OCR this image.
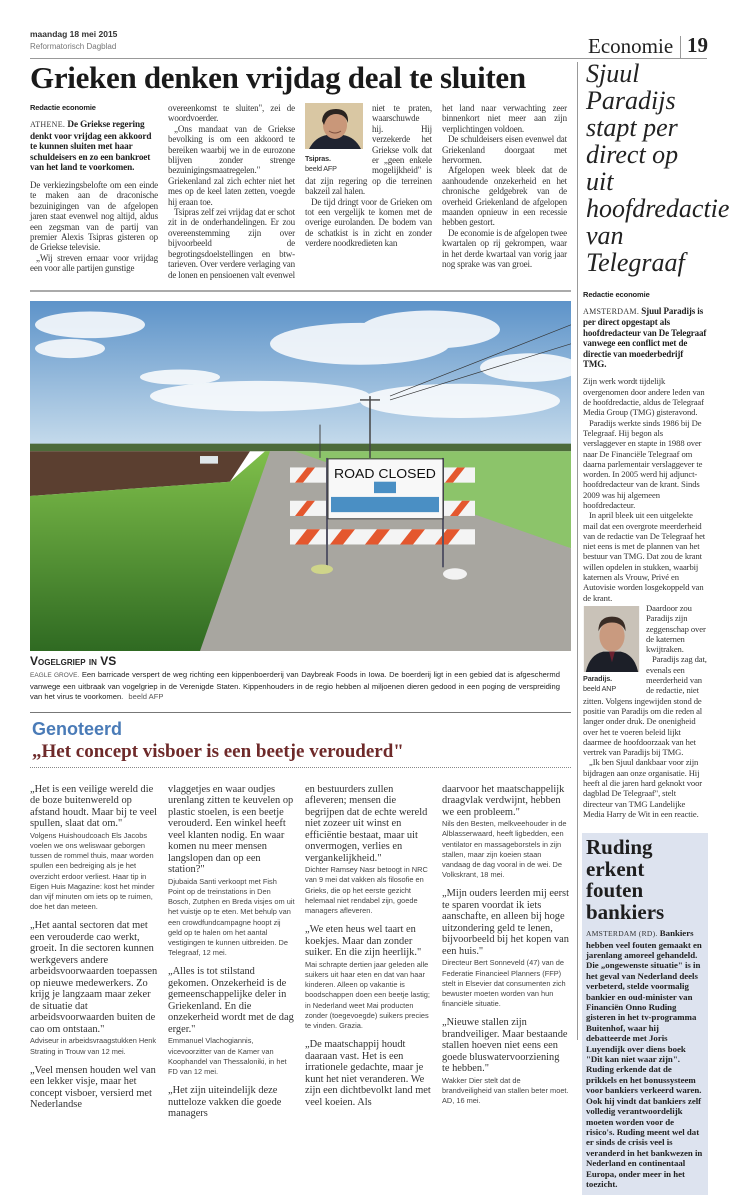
maandag 18 mei 2015
Reformatorisch Dagblad	Economie 19
Grieken denken vrijdag deal te sluiten
Redactie economie
ATHENE. De Griekse regering denkt voor vrijdag een akkoord te kunnen sluiten met haar schuldeisers en zo een bankroet van het land te voorkomen.

De verkiezingsbelofte om een einde te maken aan de draconische bezuinigingen van de afgelopen jaren staat evenwel nog altijd, aldus een zegsman van de partij van premier Alexis Tsipras gisteren op de Griekse televisie.

„Wij streven ernaar voor vrijdag een voor alle partijen gunstige

overeenkomst te sluiten", zei de woordvoerder.

„Ons mandaat van de Griekse bevolking is om een akkoord te bereiken waarbij we in de eurozone blijven zonder strenge bezuinigingsmaatregelen." Griekenland zal zich echter niet het mes op de keel laten zetten, voegde hij eraan toe.

Tsipras zelf zei vrijdag dat er schot zit in de onderhandelingen. Er zou overeenstemming zijn over bijvoorbeeld de begrotingsdoelstellingen en btw-tarieven. Over verdere verlaging van de lonen en pensioenen valt evenwel

Tsipras.
beeld AFP

niet te praten, waarschuwde hij. Hij verzekerde het Griekse volk dat er „geen enkele mogelijkheid" is dat zijn regering op die terreinen bakzeil zal halen.

De tijd dringt voor de Grieken om tot een vergelijk te komen met de overige eurolanden. De bodem van de schatkist is in zicht en zonder verdere noodkredieten kan

het land naar verwachting zeer binnenkort niet meer aan zijn verplichtingen voldoen.

De schuldeisers eisen evenwel dat Griekenland doorgaat met hervormen.

Afgelopen week bleek dat de aanhoudende onzekerheid en het chronische geldgebrek van de overheid Griekenland de afgelopen maanden opnieuw in een recessie hebben gestort.

De economie is de afgelopen twee kwartalen op rij gekrompen, waar in het derde kwartaal van vorig jaar nog sprake was van groei.

ROAD CLOSED
Vogelgriep in VS
EAGLE GROVE. Een barricade verspert de weg richting een kippenboerderij van Daybreak Foods in Iowa. De boerderij ligt in een gebied dat is afgeschermd vanwege een uitbraak van vogelgriep in de Verenigde Staten. Kippenhouders in de regio hebben al miljoenen dieren gedood in een poging de verspreiding van het virus te voorkomen. beeld AFP
Genoteerd
„Het concept visboer is een beetje verouderd"
„Het is een veilige wereld die de boze buitenwereld op afstand houdt. Maar bij te veel spullen, slaat dat om."
Volgens Huishoudcoach Els Jacobs voelen we ons weliswaar geborgen tussen de rommel thuis, maar worden spullen een bedreiging als je het overzicht erdoor verliest. Haar tip in Eigen Huis Magazine: kost het minder dan vijf minuten om iets op te ruimen, doe het dan meteen.
„Het aantal sectoren dat met een verouderde cao werkt, groeit. In die sectoren kunnen werkgevers andere arbeidsvoorwaarden toepassen op nieuwe medewerkers. Zo krijg je langzaam maar zeker de situatie dat arbeidsvoorwaarden buiten de cao om ontstaan."
Adviseur in arbeidsvraagstukken Henk Strating in Trouw van 12 mei.
„Veel mensen houden wel van een lekker visje, maar het concept visboer, versierd met Nederlandse
vlaggetjes en waar oudjes urenlang zitten te keuvelen op plastic stoelen, is een beetje verouderd. Een winkel heeft veel klanten nodig. En waar komen nu meer mensen langslopen dan op een station?"
Djubaida Santi verkoopt met Fish Point op de treinstations in Den Bosch, Zutphen en Breda visjes om uit het vuistje op te eten. Met behulp van een crowdfundcampagne hoopt zij geld op te halen om het aantal vestigingen te kunnen uitbreiden. De Telegraaf, 12 mei.
„Alles is tot stilstand gekomen. Onzekerheid is de gemeenschappelijke deler in Griekenland. En die onzekerheid wordt met de dag erger."
Emmanuel Vlachogiannis, vicevoorzitter van de Kamer van Koophandel van Thessaloniki, in het FD van 12 mei.
„Het zijn uiteindelijk deze nutteloze vakken die goede managers
en bestuurders zullen afleveren; mensen die begrijpen dat de echte wereld niet zozeer uit winst en efficiëntie bestaat, maar uit onvermogen, verlies en vergankelijkheid."
Dichter Ramsey Nasr betoogt in NRC van 9 mei dat vakken als filosofie en Grieks, die op het eerste gezicht helemaal niet rendabel zijn, goede managers afleveren.
„We eten heus wel taart en koekjes. Maar dan zonder suiker. En die zijn heerlijk."
Mai schrapte dertien jaar geleden alle suikers uit haar eten en dat van haar kinderen. Alleen op vakantie is boodschappen doen een beetje lastig; in Nederland weet Mai producten zonder (toegevoegde) suikers precies te vinden. Grazia.
„De maatschappij houdt daaraan vast. Het is een irrationele gedachte, maar je kunt het niet veranderen. We zijn een dichtbevolkt land met veel koeien. Als
daarvoor het maatschappelijk draagvlak verdwijnt, hebben we een probleem."
Nils den Besten, melkveehouder in de Alblasserwaard, heeft ligbedden, een ventilator en massageborstels in zijn stallen, maar zijn koeien staan vandaag de dag vooral in de wei. De Volkskrant, 18 mei.
„Mijn ouders leerden mij eerst te sparen voordat ik iets aanschafte, en alleen bij hoge uitzondering geld te lenen, bijvoorbeeld bij het kopen van een huis."
Directeur Bert Sonneveld (47) van de Federatie Financieel Planners (FFP) stelt in Elsevier dat consumenten zich bewuster moeten worden van hun financiële situatie.
„Nieuwe stallen zijn brandveiliger. Maar bestaande stallen hoeven niet eens een goede bluswatervoorziening te hebben."
Wakker Dier stelt dat de brandveiligheid van stallen beter moet. AD, 16 mei.
Sjuul Paradijs stapt per direct op uit hoofdredactie van Telegraaf
Redactie economie
AMSTERDAM. Sjuul Paradijs is per direct opgestapt als hoofdredacteur van De Telegraaf vanwege een conflict met de directie van moederbedrijf TMG.

Zijn werk wordt tijdelijk overgenomen door andere leden van de hoofdredactie, aldus de Telegraaf Media Group (TMG) gisteravond.

Paradijs werkte sinds 1986 bij De Telegraaf. Hij begon als verslaggever en stapte in 1988 over naar De Financiële Telegraaf om daarna parlementair verslaggever te worden. In 2005 werd hij adjunct-hoofdredacteur van de krant. Sinds 2009 was hij algemeen hoofdredacteur.

In april bleek uit een uitgelekte mail dat een overgrote meerderheid van de redactie van De Telegraaf het niet eens is met de plannen van het bestuur van TMG. Dat zou de krant willen opdelen in stukken, waarbij katernen als Vrouw, Privé en Autovisie worden losgekoppeld van de krant.

Paradijs.
beeld ANP

Daardoor zou Paradijs zijn zeggenschap over de katernen kwijtraken.

Paradijs zag dat, evenals een meerderheid van de redactie, niet zitten. Volgens ingewijden stond de positie van Paradijs om die reden al langer onder druk. De onenigheid over het te voeren beleid lijkt daarmee de hoofdoorzaak van het vertrek van Paradijs bij TMG.

„Ik ben Sjuul dankbaar voor zijn bijdragen aan onze organisatie. Hij heeft al die jaren hard geknokt voor dagblad De Telegraaf", stelt directeur van TMG Landelijke Media Harry de Wit in een reactie.

Ruding erkent fouten bankiers
AMSTERDAM (RD). Bankiers hebben veel fouten gemaakt en jarenlang amoreel gehandeld. Die „ongewenste situatie" is in het geval van Nederland deels verbeterd, stelde voormalig bankier en oud-minister van Financiën Onno Ruding gisteren in het tv-programma Buitenhof, waar hij debatteerde met Joris Luyendijk over diens boek "Dit kan niet waar zijn". Ruding erkende dat de prikkels en het bonussysteem voor bankiers verkeerd waren. Ook hij vindt dat bankiers zelf volledig verantwoordelijk moeten worden voor de risico's. Ruding meent wel dat er sinds de crisis veel is veranderd in het bankwezen in Nederland en continentaal Europa, onder meer in het toezicht.
